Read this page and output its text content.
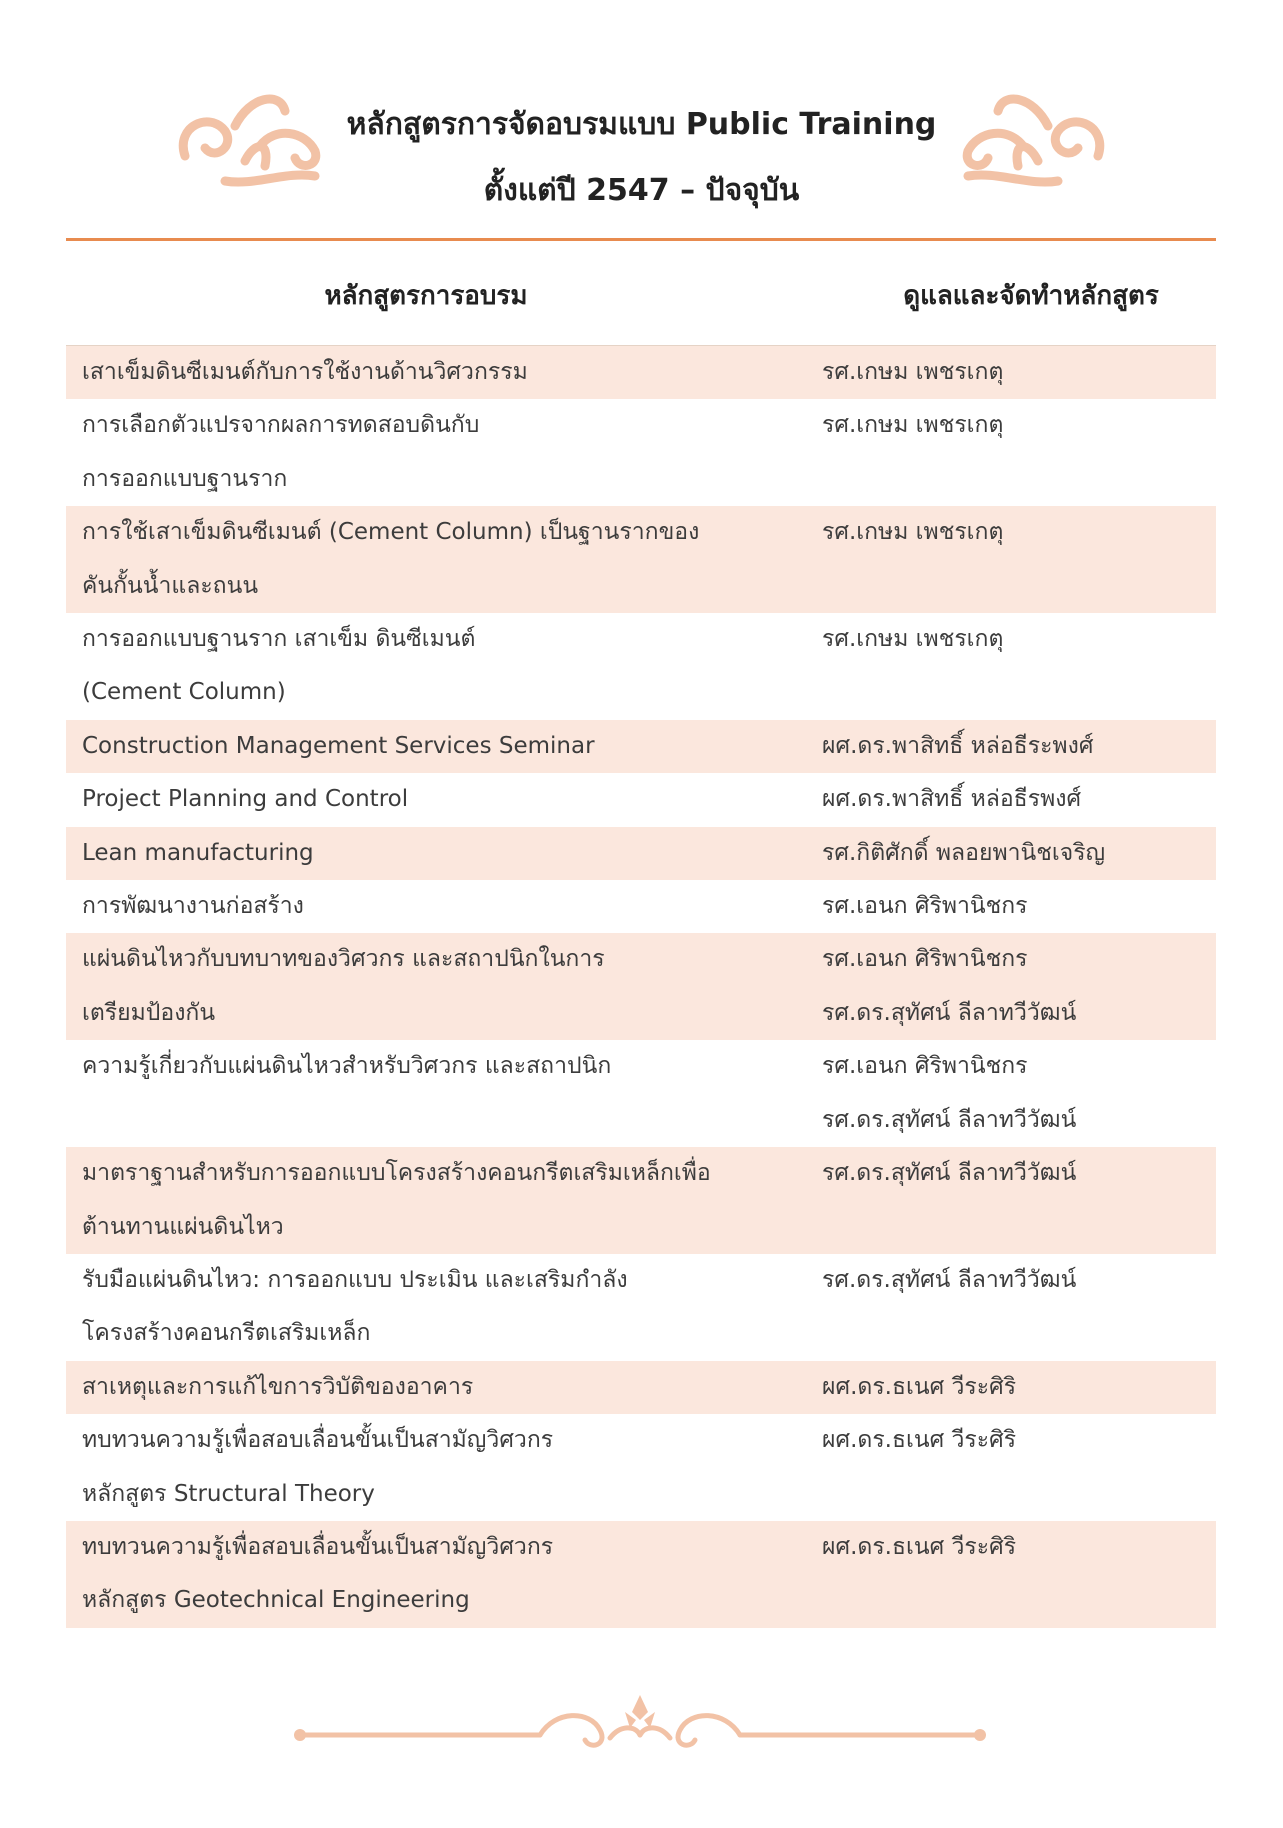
หลักสูตรการจัดอบรมแบบ Public Training
ตั้งแต่ปี 2547 – ปัจจุบัน
หลักสูตรการอบรม	ดูแลและจัดทำหลักสูตร
เสาเข็มดินซีเมนต์กับการใช้งานด้านวิศวกรรม	รศ.เกษม เพชรเกตุ

การเลือกตัวแปรจากผลการทดสอบดินกับ
การออกแบบฐานราก	รศ.เกษม เพชรเกตุ

การใช้เสาเข็มดินซีเมนต์ (Cement Column) เป็นฐานรากของ
คันกั้นน้ำและถนน	รศ.เกษม เพชรเกตุ

การออกแบบฐานราก เสาเข็ม ดินซีเมนต์
(Cement Column)	รศ.เกษม เพชรเกตุ

Construction Management Services Seminar	ผศ.ดร.พาสิทธิ์ หล่อธีระพงศ์

Project Planning and Control	ผศ.ดร.พาสิทธิ์ หล่อธีรพงศ์

Lean manufacturing	รศ.กิติศักดิ์ พลอยพานิชเจริญ

การพัฒนางานก่อสร้าง	รศ.เอนก ศิริพานิชกร

แผ่นดินไหวกับบทบาทของวิศวกร และสถาปนิกในการ
เตรียมป้องกัน	รศ.เอนก ศิริพานิชกร
รศ.ดร.สุทัศน์ ลีลาทวีวัฒน์

ความรู้เกี่ยวกับแผ่นดินไหวสำหรับวิศวกร และสถาปนิก	รศ.เอนก ศิริพานิชกร
รศ.ดร.สุทัศน์ ลีลาทวีวัฒน์

มาตราฐานสำหรับการออกแบบโครงสร้างคอนกรีตเสริมเหล็กเพื่อ
ต้านทานแผ่นดินไหว	รศ.ดร.สุทัศน์ ลีลาทวีวัฒน์

รับมือแผ่นดินไหว: การออกแบบ ประเมิน และเสริมกำลัง
โครงสร้างคอนกรีตเสริมเหล็ก	รศ.ดร.สุทัศน์ ลีลาทวีวัฒน์

สาเหตุและการแก้ไขการวิบัติของอาคาร	ผศ.ดร.ธเนศ วีระศิริ

ทบทวนความรู้เพื่อสอบเลื่อนขั้นเป็นสามัญวิศวกร
หลักสูตร Structural Theory	ผศ.ดร.ธเนศ วีระศิริ

ทบทวนความรู้เพื่อสอบเลื่อนขั้นเป็นสามัญวิศวกร
หลักสูตร Geotechnical Engineering	ผศ.ดร.ธเนศ วีระศิริ
